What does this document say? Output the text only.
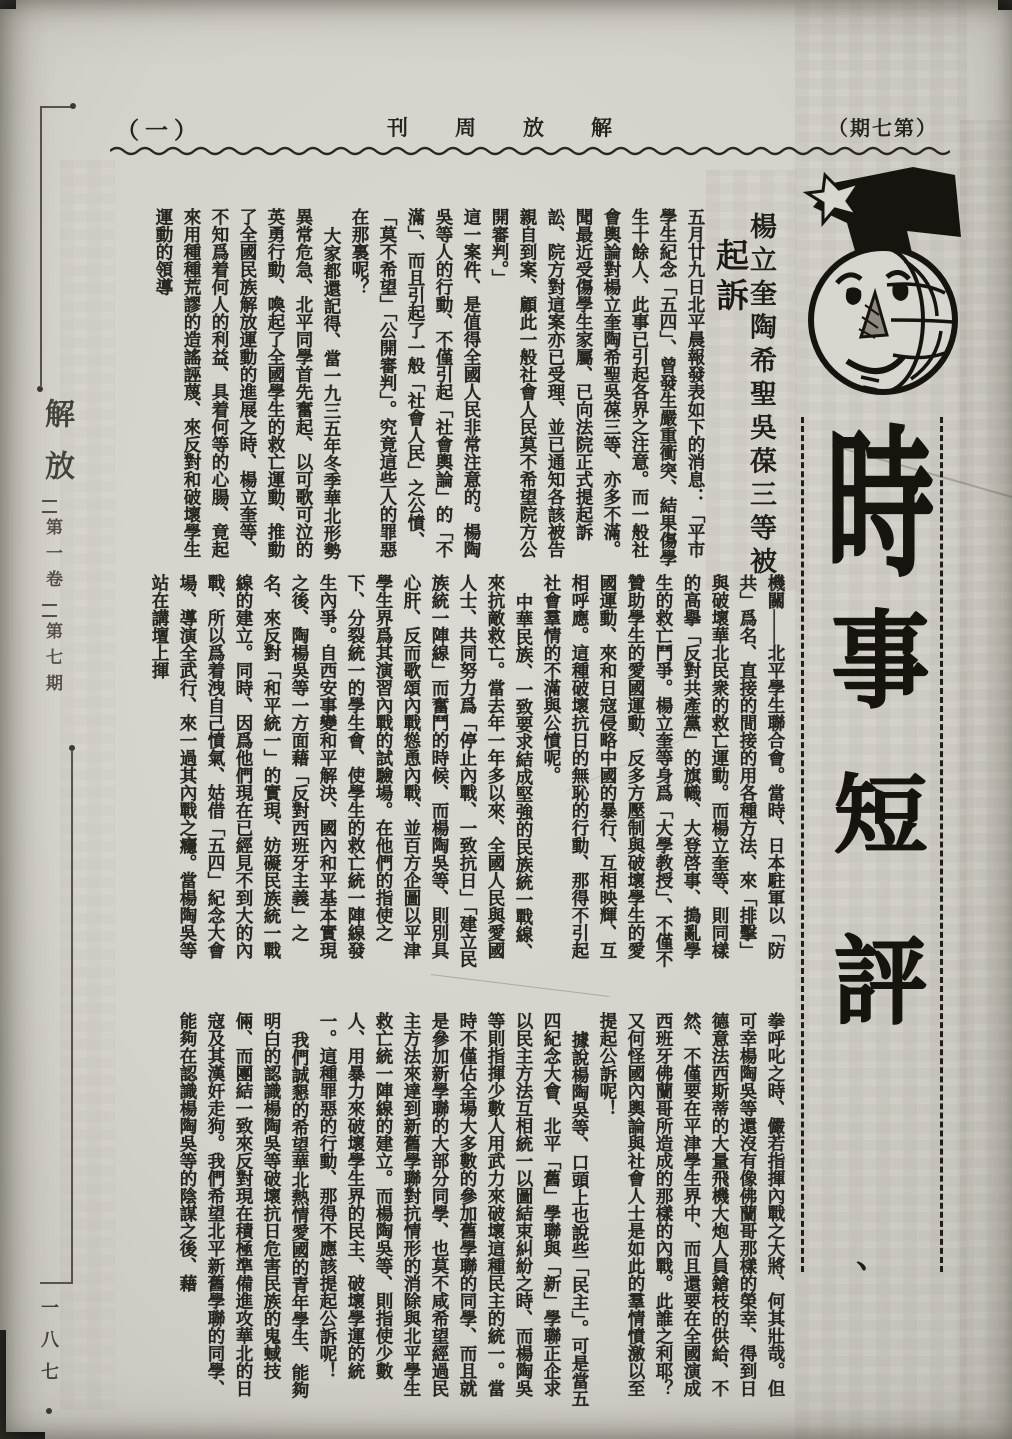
（一）	刊　周　放　解	（期七第）
解放
第一卷
第七期
一八七
時
事
短
評
、
楊立奎陶希聖吳葆三等被
起訴

五月廿九日北平晨報發表如下的消息：「平市學生紀念「五四」、曾發生嚴重衝突、結果傷學生十餘人、此事已引起各界之注意。而一般社會輿論對楊立奎陶希聖吳葆三等、亦多不滿。聞最近受傷學生家屬、已向法院正式提起訴訟、院方對這案亦已受理、並已通知各該被告親自到案、顧此一般社會人民莫不希望院方公開審判。」

這一案件、是值得全國人民非常注意的。楊陶吳等人的行動、不僅引起「社會輿論」的「不滿」、而且引起了一般「社會人民」之公憤、「莫不希望」「公開審判」。究竟這些人的罪惡在那裏呢？

大家都還記得、當一九三五年冬季華北形勢異常危急、北平同學首先奮起、以可歌可泣的英勇行動、喚起了全國學生的救亡運動、推動了全國民族解放運動的進展之時、楊立奎等、不知爲着何人的利益、具着何等的心腸、竟起來用種種荒謬的造謠誣蔑、來反對和破壞學生運動的領導

機關——北平學生聯合會。當時、日本駐軍以「防共」爲名、直接的間接的用各種方法、來「排擊」與破壞華北民衆的救亡運動。而楊立奎等、則同樣的高擧「反對共產黨」的旗幟、大登啓事、搗亂學生的救亡鬥爭。楊立奎等身爲「大學教授」、不僅不贊助學生的愛國運動、反多方壓制與破壞學生的愛國運動、來和日寇侵略中國的暴行、互相映輝、互相呼應。這種破壞抗日的無恥的行動、那得不引起社會羣情的不滿與公憤呢。

中華民族、一致要求結成堅強的民族統一戰線、來抗敵救亡。當去年一年多以來、全國人民與愛國人士、共同努力爲「停止內戰、一致抗日」「建立民族統一陣線」而奮鬥的時候、而楊陶吳等、則別具心肝、反而歌頌內戰慫恿內戰、並百方企圖以平津學生界爲其演習內戰的試驗場。在他們的指使之下、分裂統一的學生會、使學生的救亡統一陣線發生內爭。自西安事變和平解決、國內和平基本實現之後、陶楊吳等一方面藉「反對西班牙主義」之名、來反對「和平統一」的實現、妨礙民族統一戰線的建立。同時、因爲他們現在已經見不到大的內戰、所以爲着洩自己憤氣、姑借「五四」紀念大會場、導演全武行、來一過其內戰之癮。當楊陶吳等站在講壇上揮

拳呼叱之時、儼若指揮內戰之大將、何其壯哉。但可幸楊陶吳等還沒有像佛蘭哥那樣的榮幸、得到日德意法西斯蒂的大量飛機大炮人員鎗枝的供給、不然、不僅要在平津學生界中、而且還要在全國演成西班牙佛蘭哥所造成的那樣的內戰。此誰之利耶？又何怪國內輿論與社會人士是如此的羣情憤激以至提起公訴呢！

據說楊陶吳等、口頭上也說些「民主」。可是當五四紀念大會、北平「舊」學聯與「新」學聯正企求以民主方法互相統一以圖結束糾紛之時、而楊陶吳等則指揮少數人用武力來破壞這種民主的統一。當時不僅佔全場大多數的參加舊學聯的同學、而且就是參加新學聯的大部分同學、也莫不咸希望經過民主方法來達到新舊學聯對抗情形的消除與北平學生救亡統一陣線的建立。而楊陶吳等、則指使少數人、用暴力來破壞學生界的民主、破壞學運的統一。這種罪惡的行動、那得不應該提起公訴呢！

我們誠懇的希望華北熱情愛國的青年學生、能夠明白的認識楊陶吳等破壞抗日危害民族的鬼蜮技倆、而團結一致來反對現在積極準備進攻華北的日寇及其漢奸走狗。我們希望北平新舊學聯的同學、能夠在認識楊陶吳等的陰謀之後、藉
